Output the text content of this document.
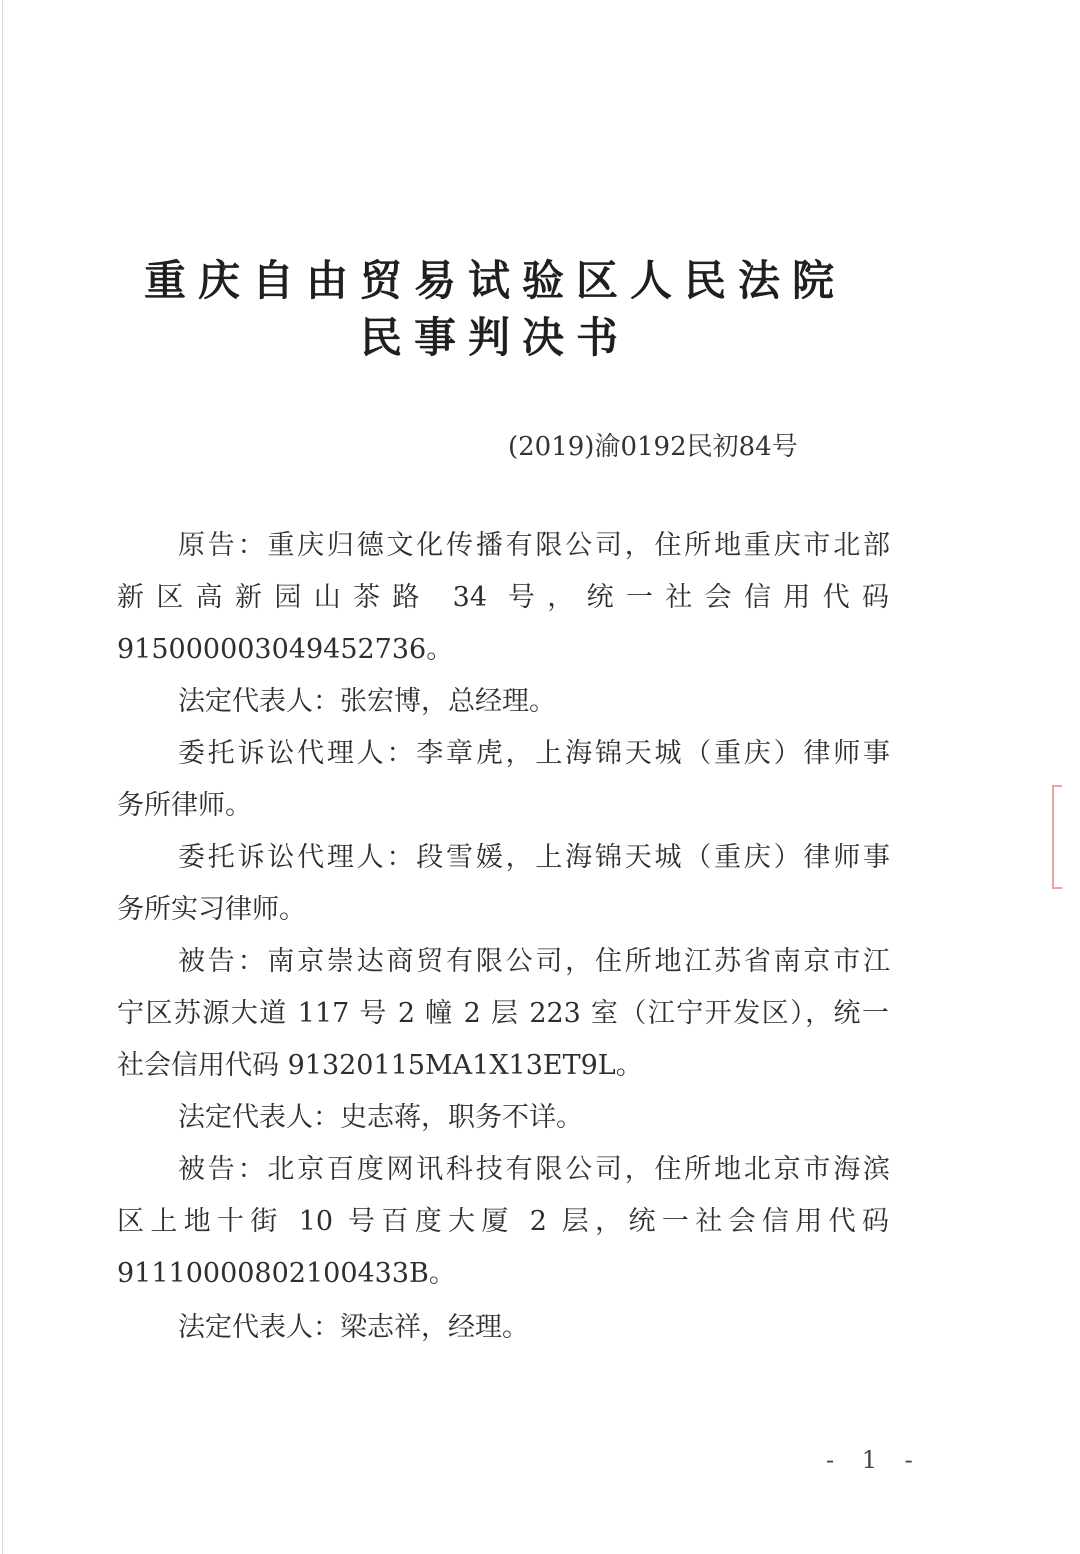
重庆自由贸易试验区人民法院
民事判决书
(2019)渝0192民初84号
原告：重庆归德文化传播有限公司，住所地重庆市北部
新区高新园山茶路 34 号，统一社会信用代码
915000003049452736。
法定代表人：张宏博，总经理。
委托诉讼代理人：李章虎，上海锦天城（重庆）律师事
务所律师。
委托诉讼代理人：段雪媛，上海锦天城（重庆）律师事
务所实习律师。
被告：南京崇达商贸有限公司，住所地江苏省南京市江
宁区苏源大道 117 号 2 幢 2 层 223 室（江宁开发区），统一
社会信用代码 91320115MA1X13ET9L。
法定代表人：史志蒋，职务不详。
被告：北京百度网讯科技有限公司，住所地北京市海滨
区上地十街 10 号百度大厦 2 层，统一社会信用代码
91110000802100433B。
法定代表人：梁志祥，经理。
- 1 -
